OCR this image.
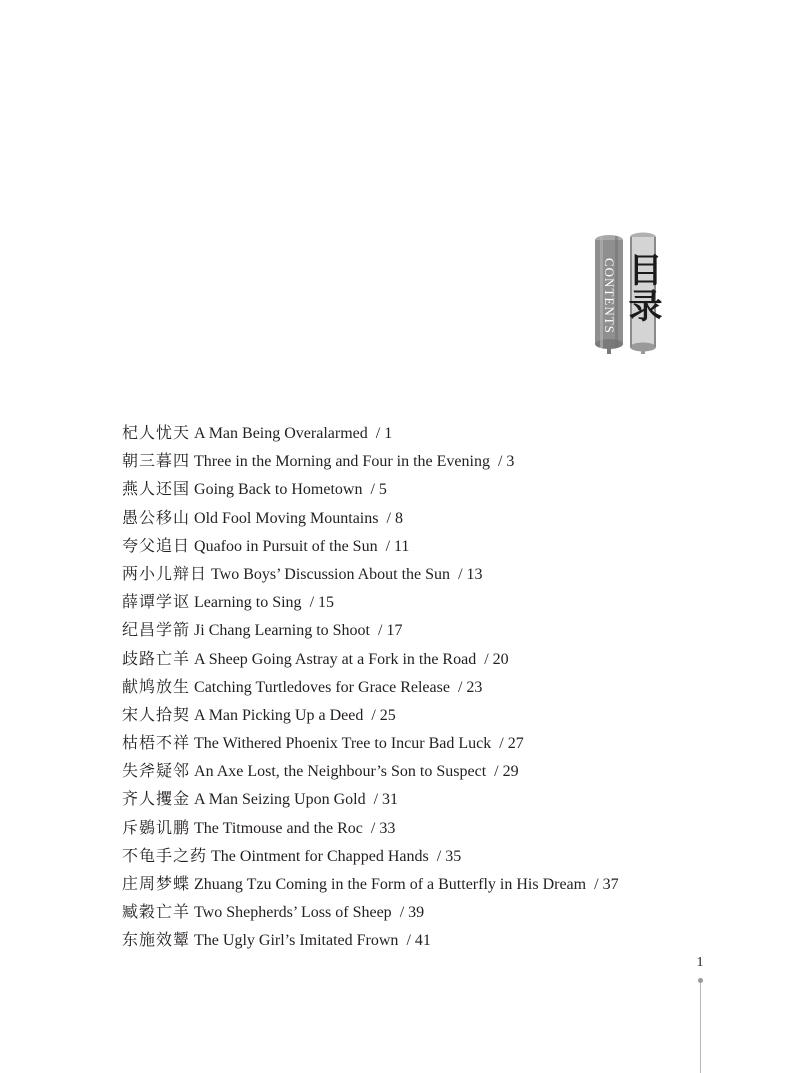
CONTENTS 目录
杞人忧天 A Man Being Overalarmed / 1
朝三暮四 Three in the Morning and Four in the Evening / 3
燕人还国 Going Back to Hometown / 5
愚公移山 Old Fool Moving Mountains / 8
夸父追日 Quafoo in Pursuit of the Sun / 11
两小儿辩日 Two Boys’ Discussion About the Sun / 13
薛谭学讴 Learning to Sing / 15
纪昌学箭 Ji Chang Learning to Shoot / 17
歧路亡羊 A Sheep Going Astray at a Fork in the Road / 20
献鸠放生 Catching Turtledoves for Grace Release / 23
宋人拾契 A Man Picking Up a Deed / 25
枯梧不祥 The Withered Phoenix Tree to Incur Bad Luck / 27
失斧疑邻 An Axe Lost, the Neighbour’s Son to Suspect / 29
齐人攫金 A Man Seizing Upon Gold / 31
斥鷃讥鹏 The Titmouse and the Roc / 33
不龟手之药 The Ointment for Chapped Hands / 35
庄周梦蝶 Zhuang Tzu Coming in the Form of a Butterfly in His Dream / 37
臧穀亡羊 Two Shepherds’ Loss of Sheep / 39
东施效颦 The Ugly Girl’s Imitated Frown / 41
1
